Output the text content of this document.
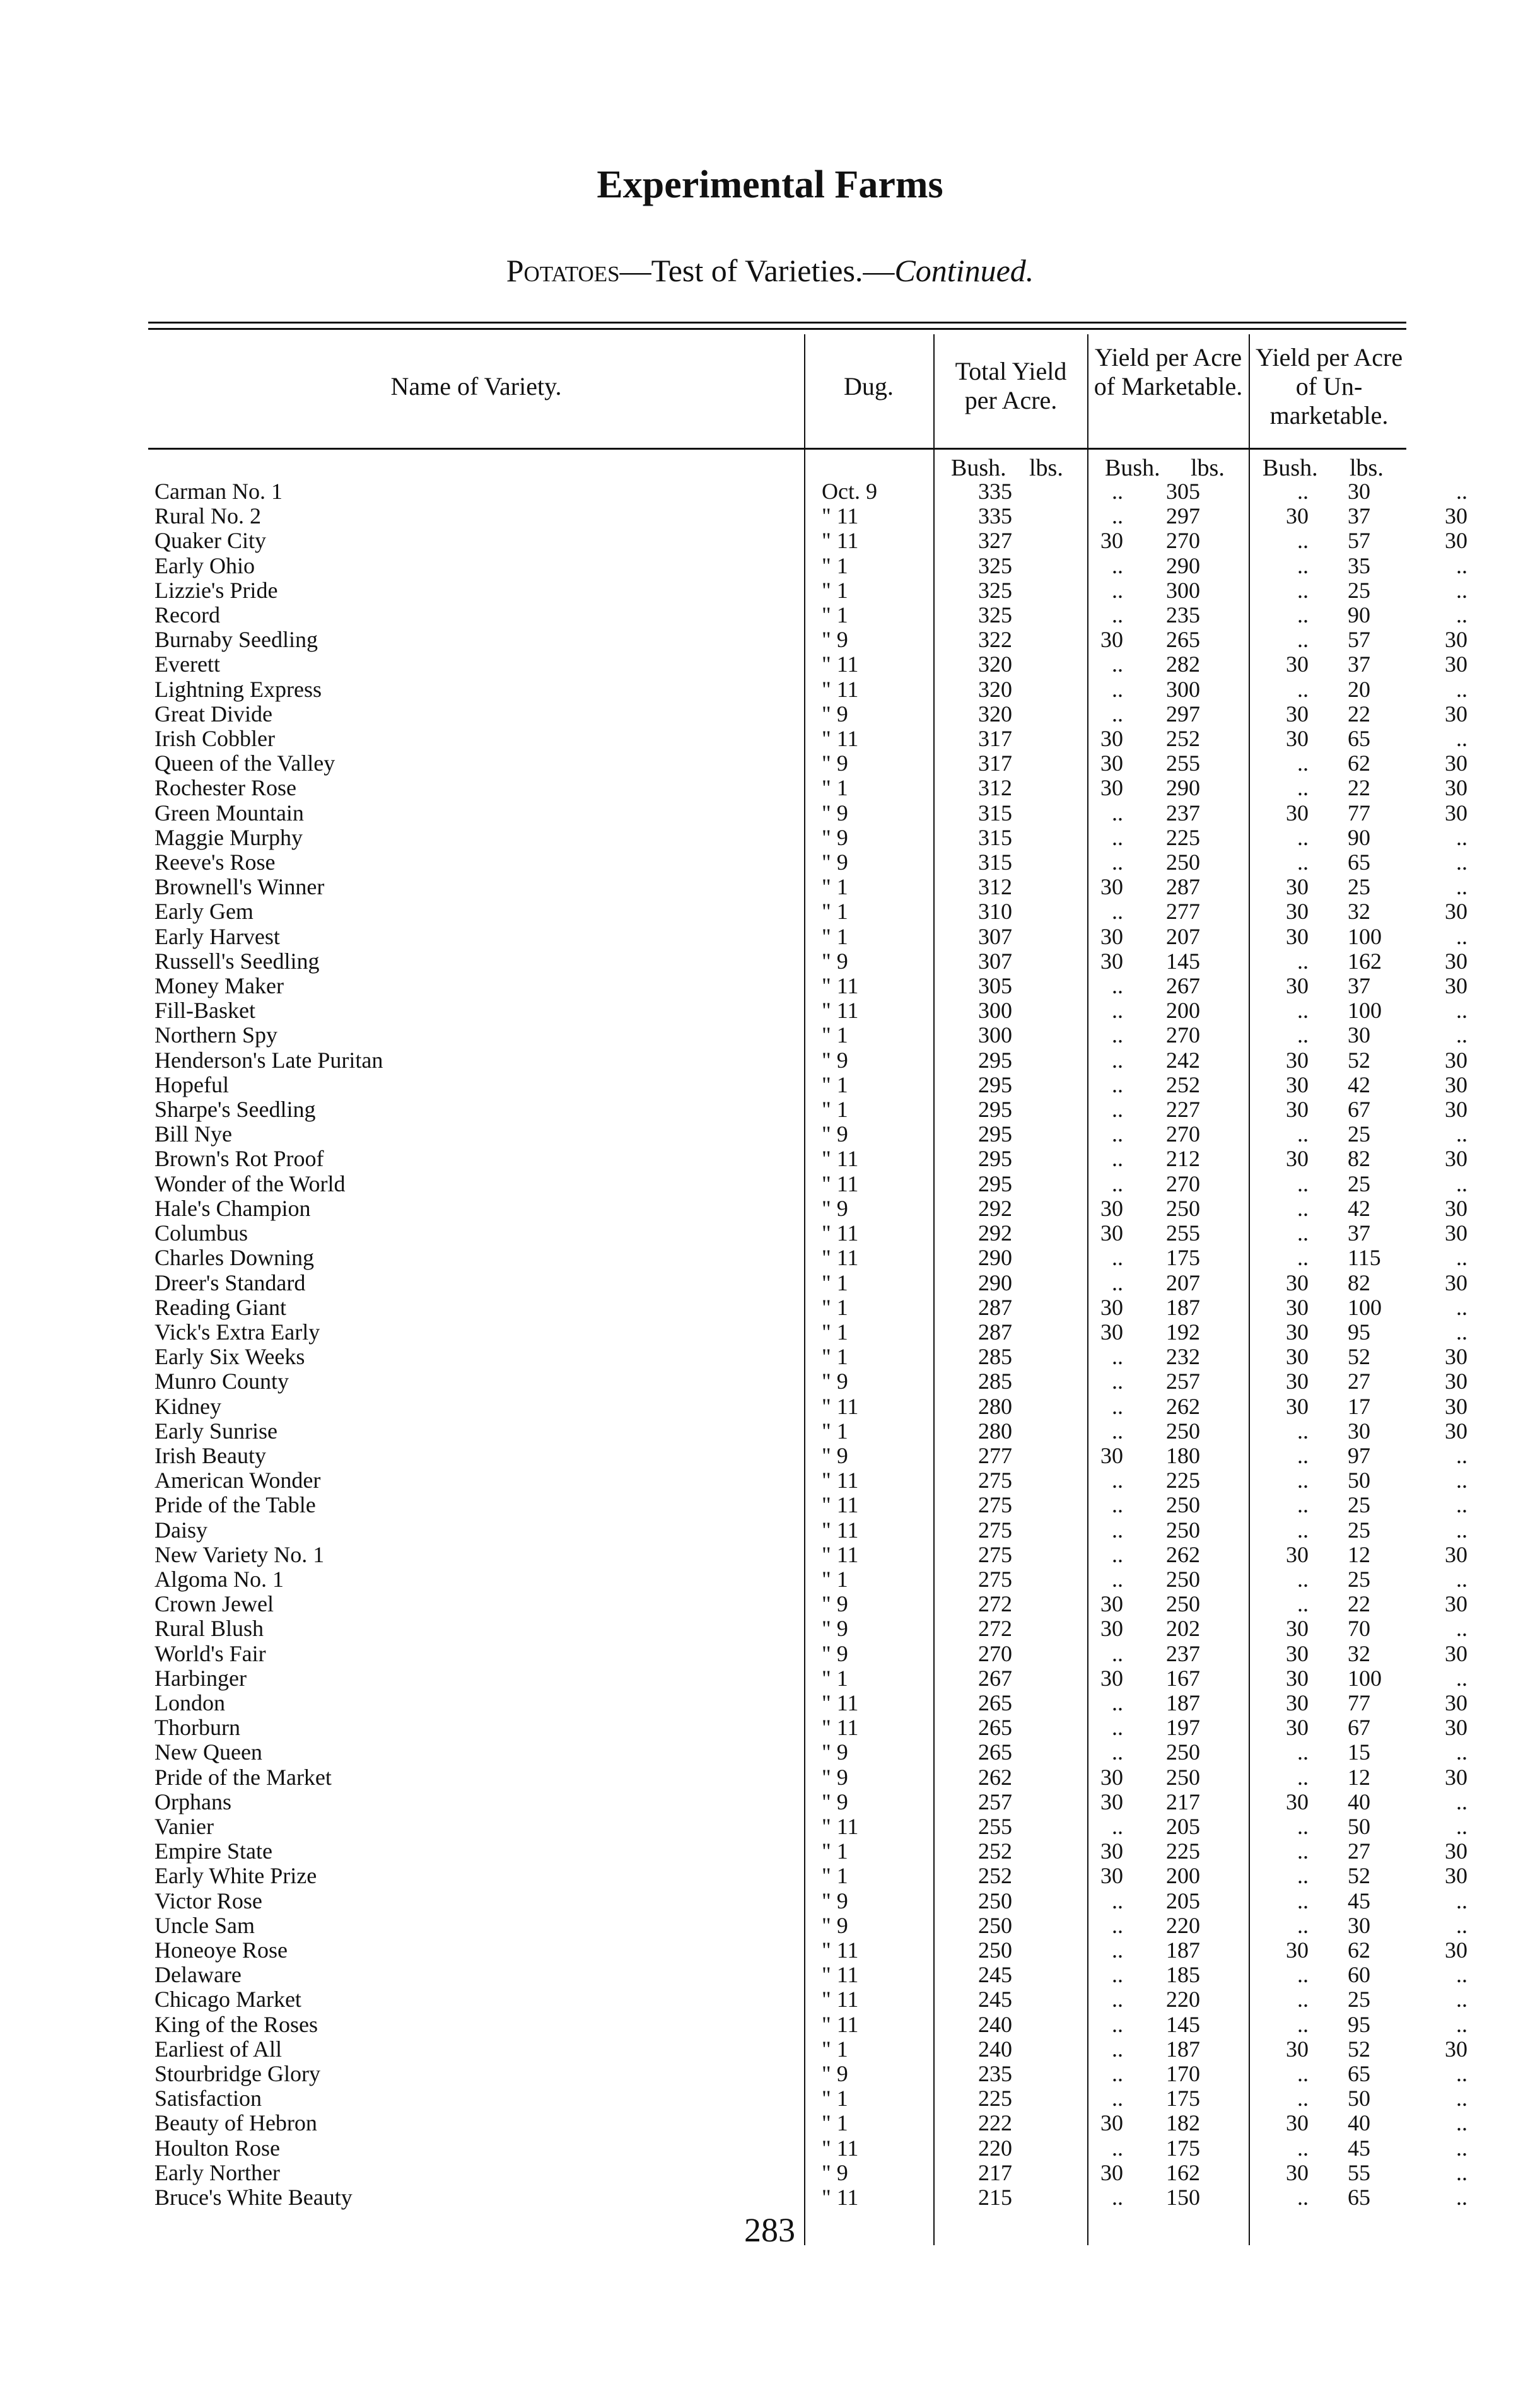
Experimental Farms
Potatoes—Test of Varieties.—Continued.
Name of Variety.	Dug.
Total Yield per Acre.
Yield per Acre of Marketable.
Yield per Acre of Un-marketable.
Bush. lbs. Bush. lbs. Bush. lbs.
Carman No. 1	Oct. 9	335	..	305	..	30	..
Rural No. 2	" 11	335	..	297	30	37	30
Quaker City	" 11	327	30	270	..	57	30
Early Ohio	" 1	325	..	290	..	35	..
Lizzie's Pride	" 1	325	..	300	..	25	..
Record	" 1	325	..	235	..	90	..
Burnaby Seedling	" 9	322	30	265	..	57	30
Everett	" 11	320	..	282	30	37	30
Lightning Express	" 11	320	..	300	..	20	..
Great Divide	" 9	320	..	297	30	22	30
Irish Cobbler	" 11	317	30	252	30	65	..
Queen of the Valley	" 9	317	30	255	..	62	30
Rochester Rose	" 1	312	30	290	..	22	30
Green Mountain	" 9	315	..	237	30	77	30
Maggie Murphy	" 9	315	..	225	..	90	..
Reeve's Rose	" 9	315	..	250	..	65	..
Brownell's Winner	" 1	312	30	287	30	25	..
Early Gem	" 1	310	..	277	30	32	30
Early Harvest	" 1	307	30	207	30	100	..
Russell's Seedling	" 9	307	30	145	..	162	30
Money Maker	" 11	305	..	267	30	37	30
Fill-Basket	" 11	300	..	200	..	100	..
Northern Spy	" 1	300	..	270	..	30	..
Henderson's Late Puritan	" 9	295	..	242	30	52	30
Hopeful	" 1	295	..	252	30	42	30
Sharpe's Seedling	" 1	295	..	227	30	67	30
Bill Nye	" 9	295	..	270	..	25	..
Brown's Rot Proof	" 11	295	..	212	30	82	30
Wonder of the World	" 11	295	..	270	..	25	..
Hale's Champion	" 9	292	30	250	..	42	30
Columbus	" 11	292	30	255	..	37	30
Charles Downing	" 11	290	..	175	..	115	..
Dreer's Standard	" 1	290	..	207	30	82	30
Reading Giant	" 1	287	30	187	30	100	..
Vick's Extra Early	" 1	287	30	192	30	95	..
Early Six Weeks	" 1	285	..	232	30	52	30
Munro County	" 9	285	..	257	30	27	30
Kidney	" 11	280	..	262	30	17	30
Early Sunrise	" 1	280	..	250	..	30	30
Irish Beauty	" 9	277	30	180	..	97	..
American Wonder	" 11	275	..	225	..	50	..
Pride of the Table	" 11	275	..	250	..	25	..
Daisy	" 11	275	..	250	..	25	..
New Variety No. 1	" 11	275	..	262	30	12	30
Algoma No. 1	" 1	275	..	250	..	25	..
Crown Jewel	" 9	272	30	250	..	22	30
Rural Blush	" 9	272	30	202	30	70	..
World's Fair	" 9	270	..	237	30	32	30
Harbinger	" 1	267	30	167	30	100	..
London	" 11	265	..	187	30	77	30
Thorburn	" 11	265	..	197	30	67	30
New Queen	" 9	265	..	250	..	15	..
Pride of the Market	" 9	262	30	250	..	12	30
Orphans	" 9	257	30	217	30	40	..
Vanier	" 11	255	..	205	..	50	..
Empire State	" 1	252	30	225	..	27	30
Early White Prize	" 1	252	30	200	..	52	30
Victor Rose	" 9	250	..	205	..	45	..
Uncle Sam	" 9	250	..	220	..	30	..
Honeoye Rose	" 11	250	..	187	30	62	30
Delaware	" 11	245	..	185	..	60	..
Chicago Market	" 11	245	..	220	..	25	..
King of the Roses	" 11	240	..	145	..	95	..
Earliest of All	" 1	240	..	187	30	52	30
Stourbridge Glory	" 9	235	..	170	..	65	..
Satisfaction	" 1	225	..	175	..	50	..
Beauty of Hebron	" 1	222	30	182	30	40	..
Houlton Rose	" 11	220	..	175	..	45	..
Early Norther	" 9	217	30	162	30	55	..
Bruce's White Beauty	" 11	215	..	150	..	65	..
283
